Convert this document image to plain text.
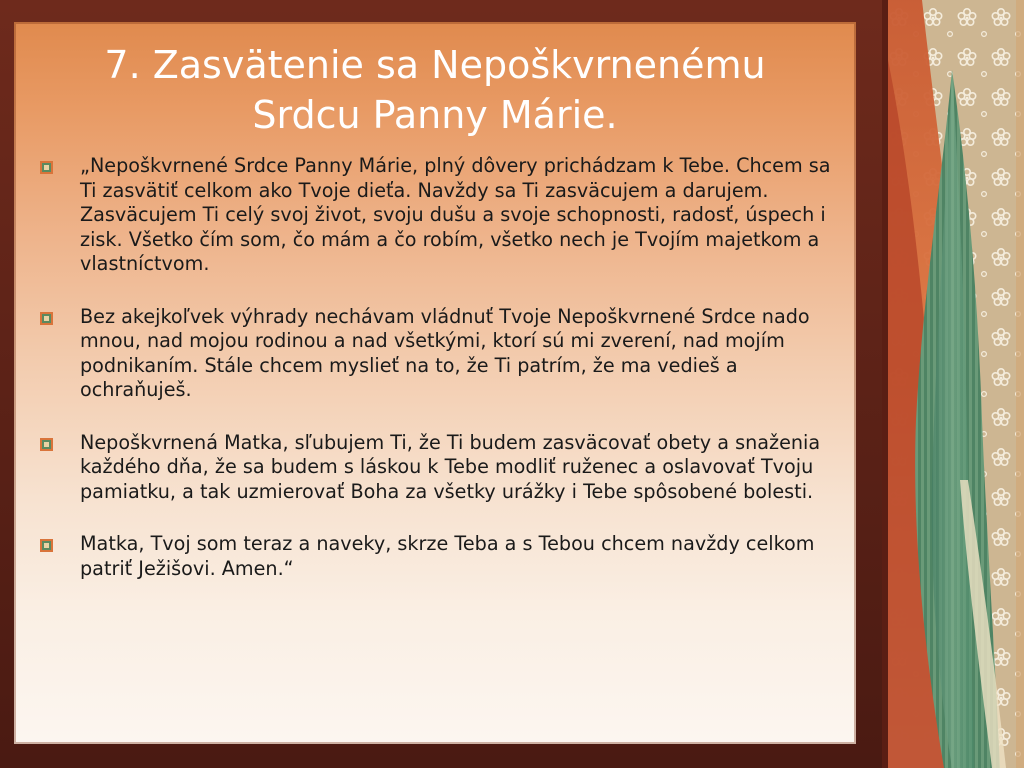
7. Zasvätenie sa Nepoškvrnenému
Srdcu Panny Márie.
„Nepoškvrnené Srdce Panny Márie, plný dôvery prichádzam k Tebe. Chcem sa Ti zasvätiť celkom ako Tvoje dieťa. Navždy sa Ti zasväcujem a darujem. Zasväcujem Ti celý svoj život, svoju dušu a svoje schopnosti, radosť, úspech i zisk. Všetko čím som, čo mám a čo robím, všetko nech je Tvojím majetkom a vlastníctvom.
Bez akejkoľvek výhrady nechávam vládnuť Tvoje Nepoškvrnené Srdce nado mnou, nad mojou rodinou a nad všetkými, ktorí sú mi zverení, nad mojím podnikaním. Stále chcem myslieť na to, že Ti patrím, že ma vedieš a ochraňuješ.
Nepoškvrnená Matka, sľubujem Ti, že Ti budem zasväcovať obety a snaženia každého dňa, že sa budem s láskou k Tebe modliť ruženec a oslavovať Tvoju pamiatku, a tak uzmierovať Boha za všetky urážky i Tebe spôsobené bolesti.
Matka, Tvoj som teraz a naveky, skrze Teba a s Tebou chcem navždy celkom patriť Ježišovi. Amen.“
